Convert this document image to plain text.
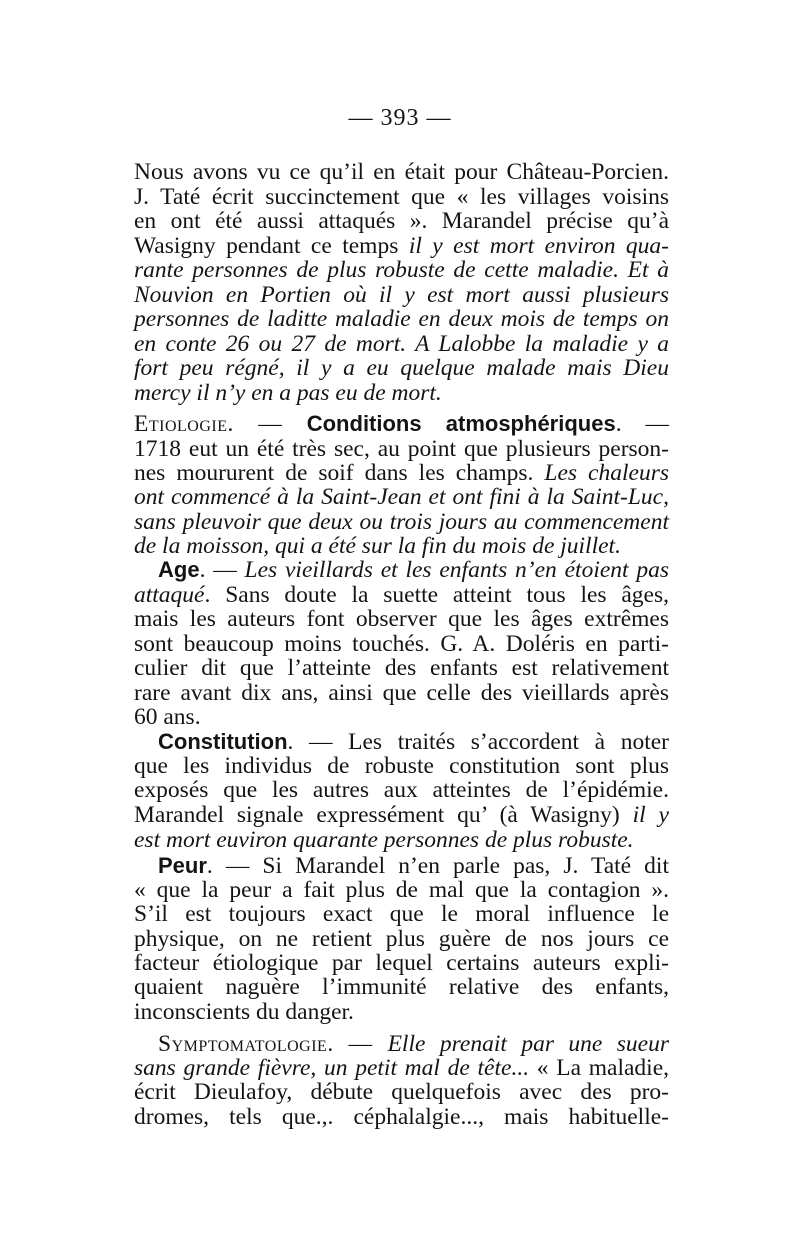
— 393 —
Nous avons vu ce qu’il en était pour Château-Porcien.
J. Taté écrit succinctement que « les villages voisins
en ont été aussi attaqués ». Marandel précise qu’à
Wasigny pendant ce temps il y est mort environ qua-
rante personnes de plus robuste de cette maladie. Et à
Nouvion en Portien où il y est mort aussi plusieurs
personnes de laditte maladie en deux mois de temps on
en conte 26 ou 27 de mort. A Lalobbe la maladie y a
fort peu régné, il y a eu quelque malade mais Dieu
mercy il n’y en a pas eu de mort.
Etiologie. — Conditions atmosphériques. —
1718 eut un été très sec, au point que plusieurs person-
nes moururent de soif dans les champs. Les chaleurs
ont commencé à la Saint-Jean et ont fini à la Saint-Luc,
sans pleuvoir que deux ou trois jours au commencement
de la moisson, qui a été sur la fin du mois de juillet.
Age. — Les vieillards et les enfants n’en étoient pas
attaqué. Sans doute la suette atteint tous les âges,
mais les auteurs font observer que les âges extrêmes
sont beaucoup moins touchés. G. A. Doléris en parti-
culier dit que l’atteinte des enfants est relativement
rare avant dix ans, ainsi que celle des vieillards après
60 ans.
Constitution. — Les traités s’accordent à noter
que les individus de robuste constitution sont plus
exposés que les autres aux atteintes de l’épidémie.
Marandel signale expressément qu’ (à Wasigny) il y
est mort euviron quarante personnes de plus robuste.
Peur. — Si Marandel n’en parle pas, J. Taté dit
« que la peur a fait plus de mal que la contagion ».
S’il est toujours exact que le moral influence le
physique, on ne retient plus guère de nos jours ce
facteur étiologique par lequel certains auteurs expli-
quaient naguère l’immunité relative des enfants,
inconscients du danger.
Symptomatologie. — Elle prenait par une sueur
sans grande fièvre, un petit mal de tête... « La maladie,
écrit Dieulafoy, débute quelquefois avec des pro-
dromes, tels que.,. céphalalgie..., mais habituelle-
